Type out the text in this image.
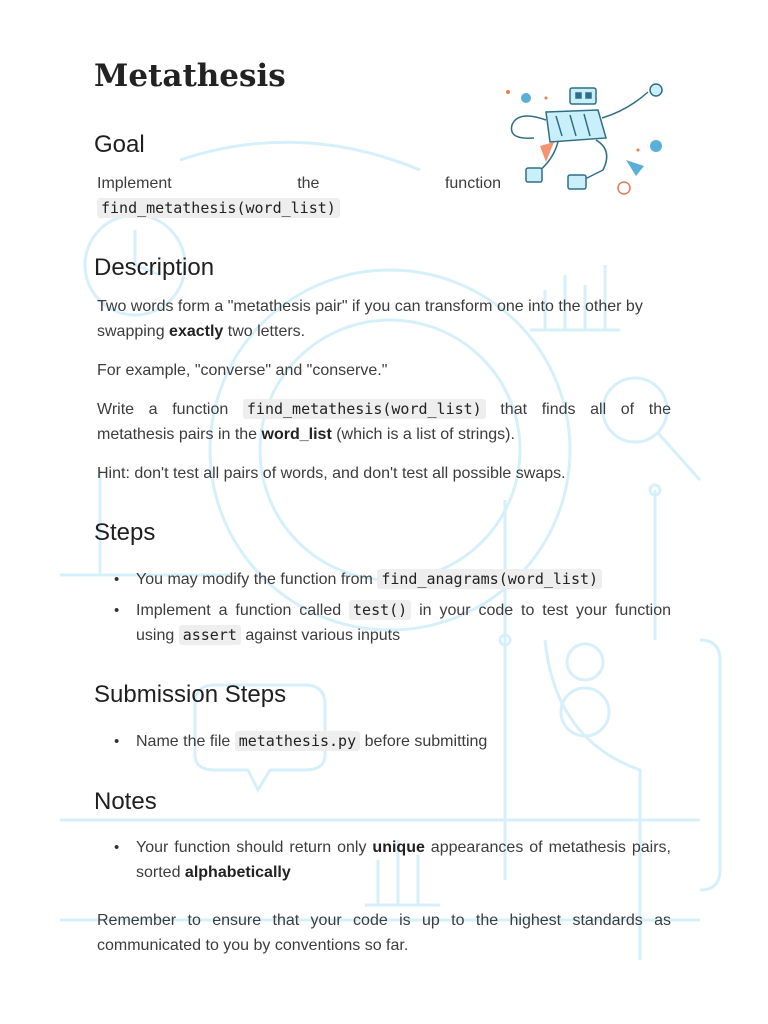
Metathesis
Goal
Implement	the	function
find_metathesis(word_list)
Description

Two words form a "metathesis pair" if you can transform one into the other by swapping exactly two letters.

For example, "converse" and "conserve."

Write a function find_metathesis(word_list) that finds all of the metathesis pairs in the word_list (which is a list of strings).

Hint: don't test all pairs of words, and don't test all possible swaps.

Steps
• You may modify the function from find_anagrams(word_list)
• Implement a function called test() in your code to test your function using assert against various inputs
Submission Steps
• Name the file metathesis.py before submitting
Notes
• Your function should return only unique appearances of metathesis pairs, sorted alphabetically

Remember to ensure that your code is up to the highest standards as communicated to you by conventions so far.
